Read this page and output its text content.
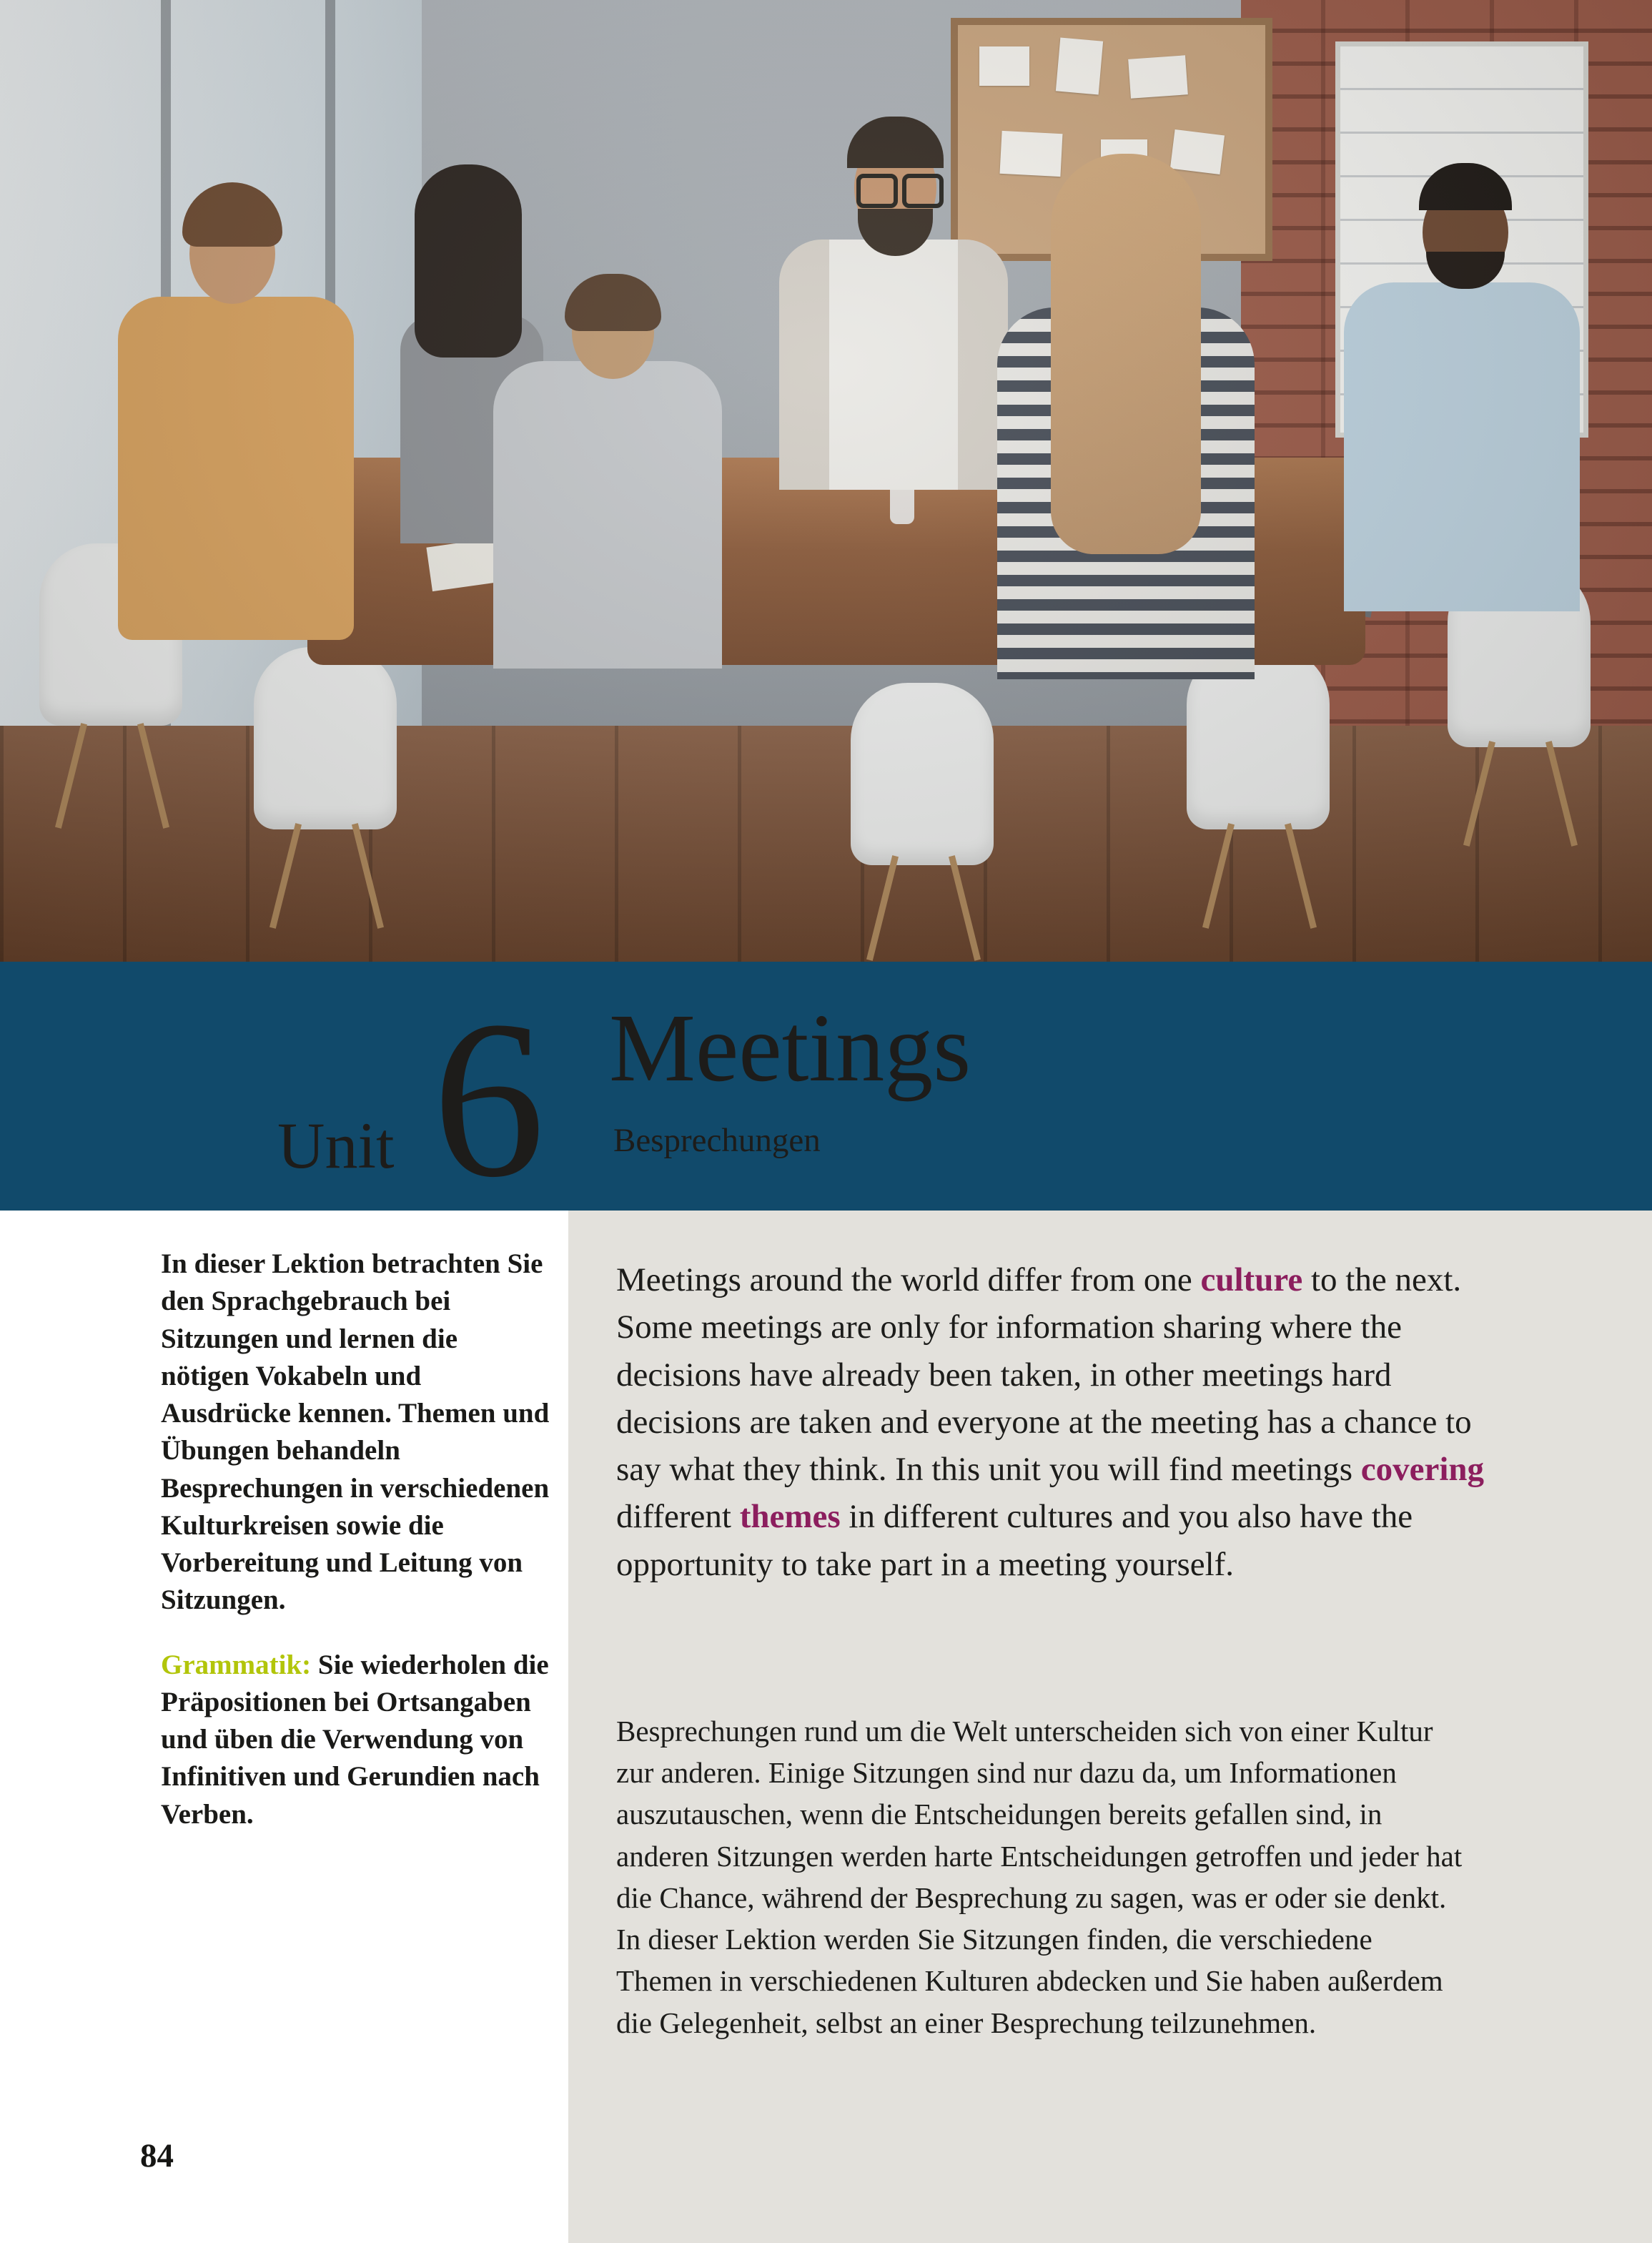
Unit 6 Meetings
Besprechungen

In dieser Lektion betrachten Sie den Sprachgebrauch bei Sitzungen und lernen die nötigen Vokabeln und Ausdrücke kennen. Themen und Übungen behandeln Besprechungen in verschiedenen Kulturkreisen sowie die Vorbereitung und Leitung von Sitzungen.

Grammatik: Sie wiederholen die Präpositionen bei Ortsangaben und üben die Verwendung von Infinitiven und Gerundien nach Verben.

Meetings around the world differ from one culture to the next. Some meetings are only for information sharing where the decisions have already been taken, in other meetings hard decisions are taken and everyone at the meeting has a chance to say what they think. In this unit you will find meetings covering different themes in different cultures and you also have the opportunity to take part in a meeting yourself.
Besprechungen rund um die Welt unterscheiden sich von einer Kultur zur anderen. Einige Sitzungen sind nur dazu da, um Informationen auszutauschen, wenn die Entscheidungen bereits gefallen sind, in anderen Sitzungen werden harte Entscheidungen getroffen und jeder hat die Chance, während der Besprechung zu sagen, was er oder sie denkt. In dieser Lektion werden Sie Sitzungen finden, die verschiedene Themen in verschiedenen Kulturen abdecken und Sie haben außerdem die Gelegenheit, selbst an einer Besprechung teilzunehmen.
84
